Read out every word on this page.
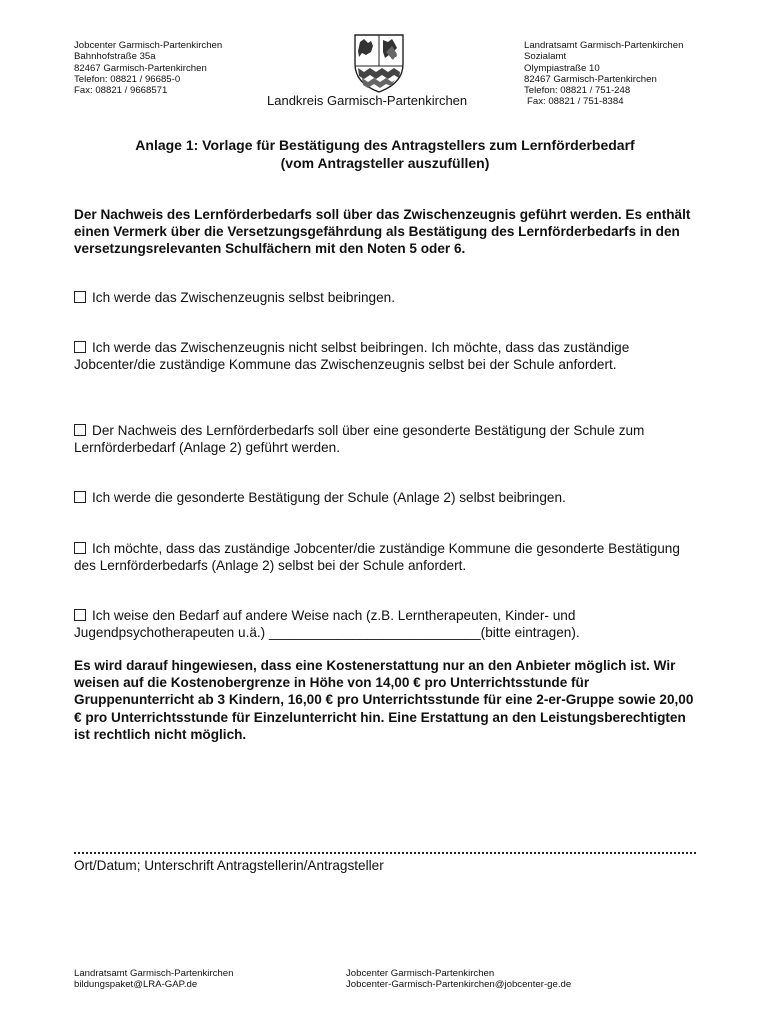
Jobcenter Garmisch-Partenkirchen
Bahnhofstraße 35a
82467 Garmisch-Partenkirchen
Telefon: 08821 / 96685-0
Fax: 08821 / 9668571
Landkreis Garmisch-Partenkirchen
Landratsamt Garmisch-Partenkirchen
Sozialamt
Olympiastraße 10
82467 Garmisch-Partenkirchen
Telefon: 08821 / 751-248
Fax: 08821 / 751-8384
Anlage 1: Vorlage für Bestätigung des Antragstellers zum Lernförderbedarf
(vom Antragsteller auszufüllen)
Der Nachweis des Lernförderbedarfs soll über das Zwischenzeugnis geführt werden. Es enthält einen Vermerk über die Versetzungsgefährdung als Bestätigung des Lernförderbedarfs in den versetzungsrelevanten Schulfächern mit den Noten 5 oder 6.
Ich werde das Zwischenzeugnis selbst beibringen.
Ich werde das Zwischenzeugnis nicht selbst beibringen. Ich möchte, dass das zuständige Jobcenter/die zuständige Kommune das Zwischenzeugnis selbst bei der Schule anfordert.
Der Nachweis des Lernförderbedarfs soll über eine gesonderte Bestätigung der Schule zum Lernförderbedarf (Anlage 2) geführt werden.
Ich werde die gesonderte Bestätigung der Schule (Anlage 2) selbst beibringen.
Ich möchte, dass das zuständige Jobcenter/die zuständige Kommune die gesonderte Bestätigung des Lernförderbedarfs (Anlage 2) selbst bei der Schule anfordert.
Ich weise den Bedarf auf andere Weise nach (z.B. Lerntherapeuten, Kinder- und Jugendpsychotherapeuten u.ä.) ____________________________(bitte eintragen).
Es wird darauf hingewiesen, dass eine Kostenerstattung nur an den Anbieter möglich ist. Wir weisen auf die Kostenobergrenze in Höhe von 14,00 € pro Unterrichtsstunde für Gruppenunterricht ab 3 Kindern, 16,00 € pro Unterrichtsstunde für eine 2-er-Gruppe sowie 20,00 € pro Unterrichtsstunde für Einzelunterricht hin. Eine Erstattung an den Leistungsberechtigten ist rechtlich nicht möglich.
Ort/Datum; Unterschrift Antragstellerin/Antragsteller
Landratsamt Garmisch-Partenkirchen
bildungspaket@LRA-GAP.de
Jobcenter Garmisch-Partenkirchen
Jobcenter-Garmisch-Partenkirchen@jobcenter-ge.de
